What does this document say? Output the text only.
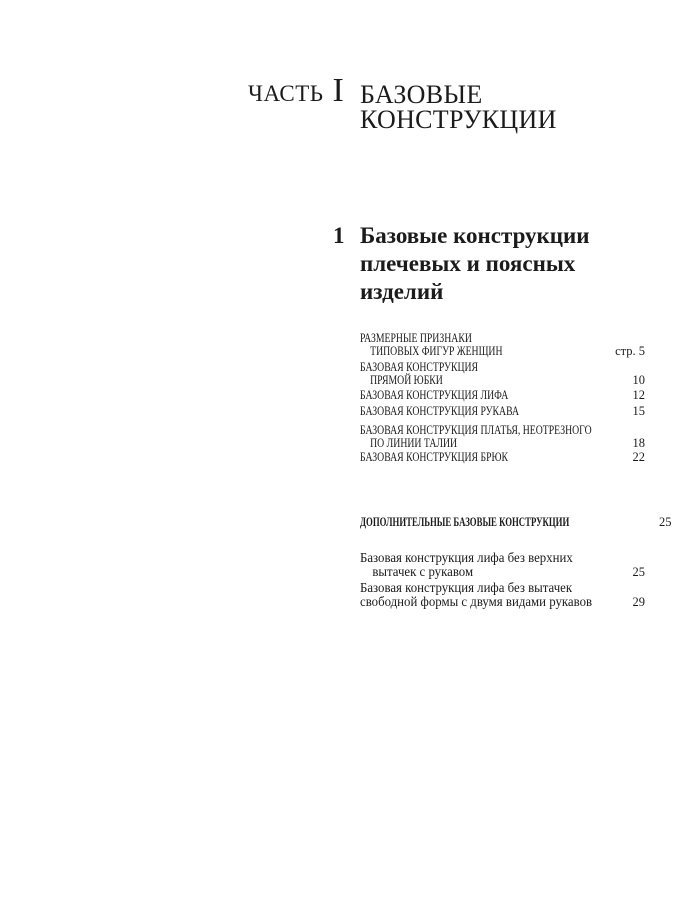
ЧАСТЬ I БАЗОВЫЕ
КОНСТРУКЦИИ
1 Базовые конструкции
плечевых и поясных
изделий
РАЗМЕРНЫЕ ПРИЗНАКИ
ТИПОВЫХ ФИГУР ЖЕНЩИН	стр. 5
БАЗОВАЯ КОНСТРУКЦИЯ
ПРЯМОЙ ЮБКИ	10
БАЗОВАЯ КОНСТРУКЦИЯ ЛИФА	12
БАЗОВАЯ КОНСТРУКЦИЯ РУКАВА	15
БАЗОВАЯ КОНСТРУКЦИЯ ПЛАТЬЯ, НЕОТРЕЗНОГО
ПО ЛИНИИ ТАЛИИ	18
БАЗОВАЯ КОНСТРУКЦИЯ БРЮК	22
ДОПОЛНИТЕЛЬНЫЕ БАЗОВЫЕ КОНСТРУКЦИИ	25
Базовая конструкция лифа без верхних
вытачек с рукавом	25
Базовая конструкция лифа без вытачек
свободной формы с двумя видами рукавов	29
